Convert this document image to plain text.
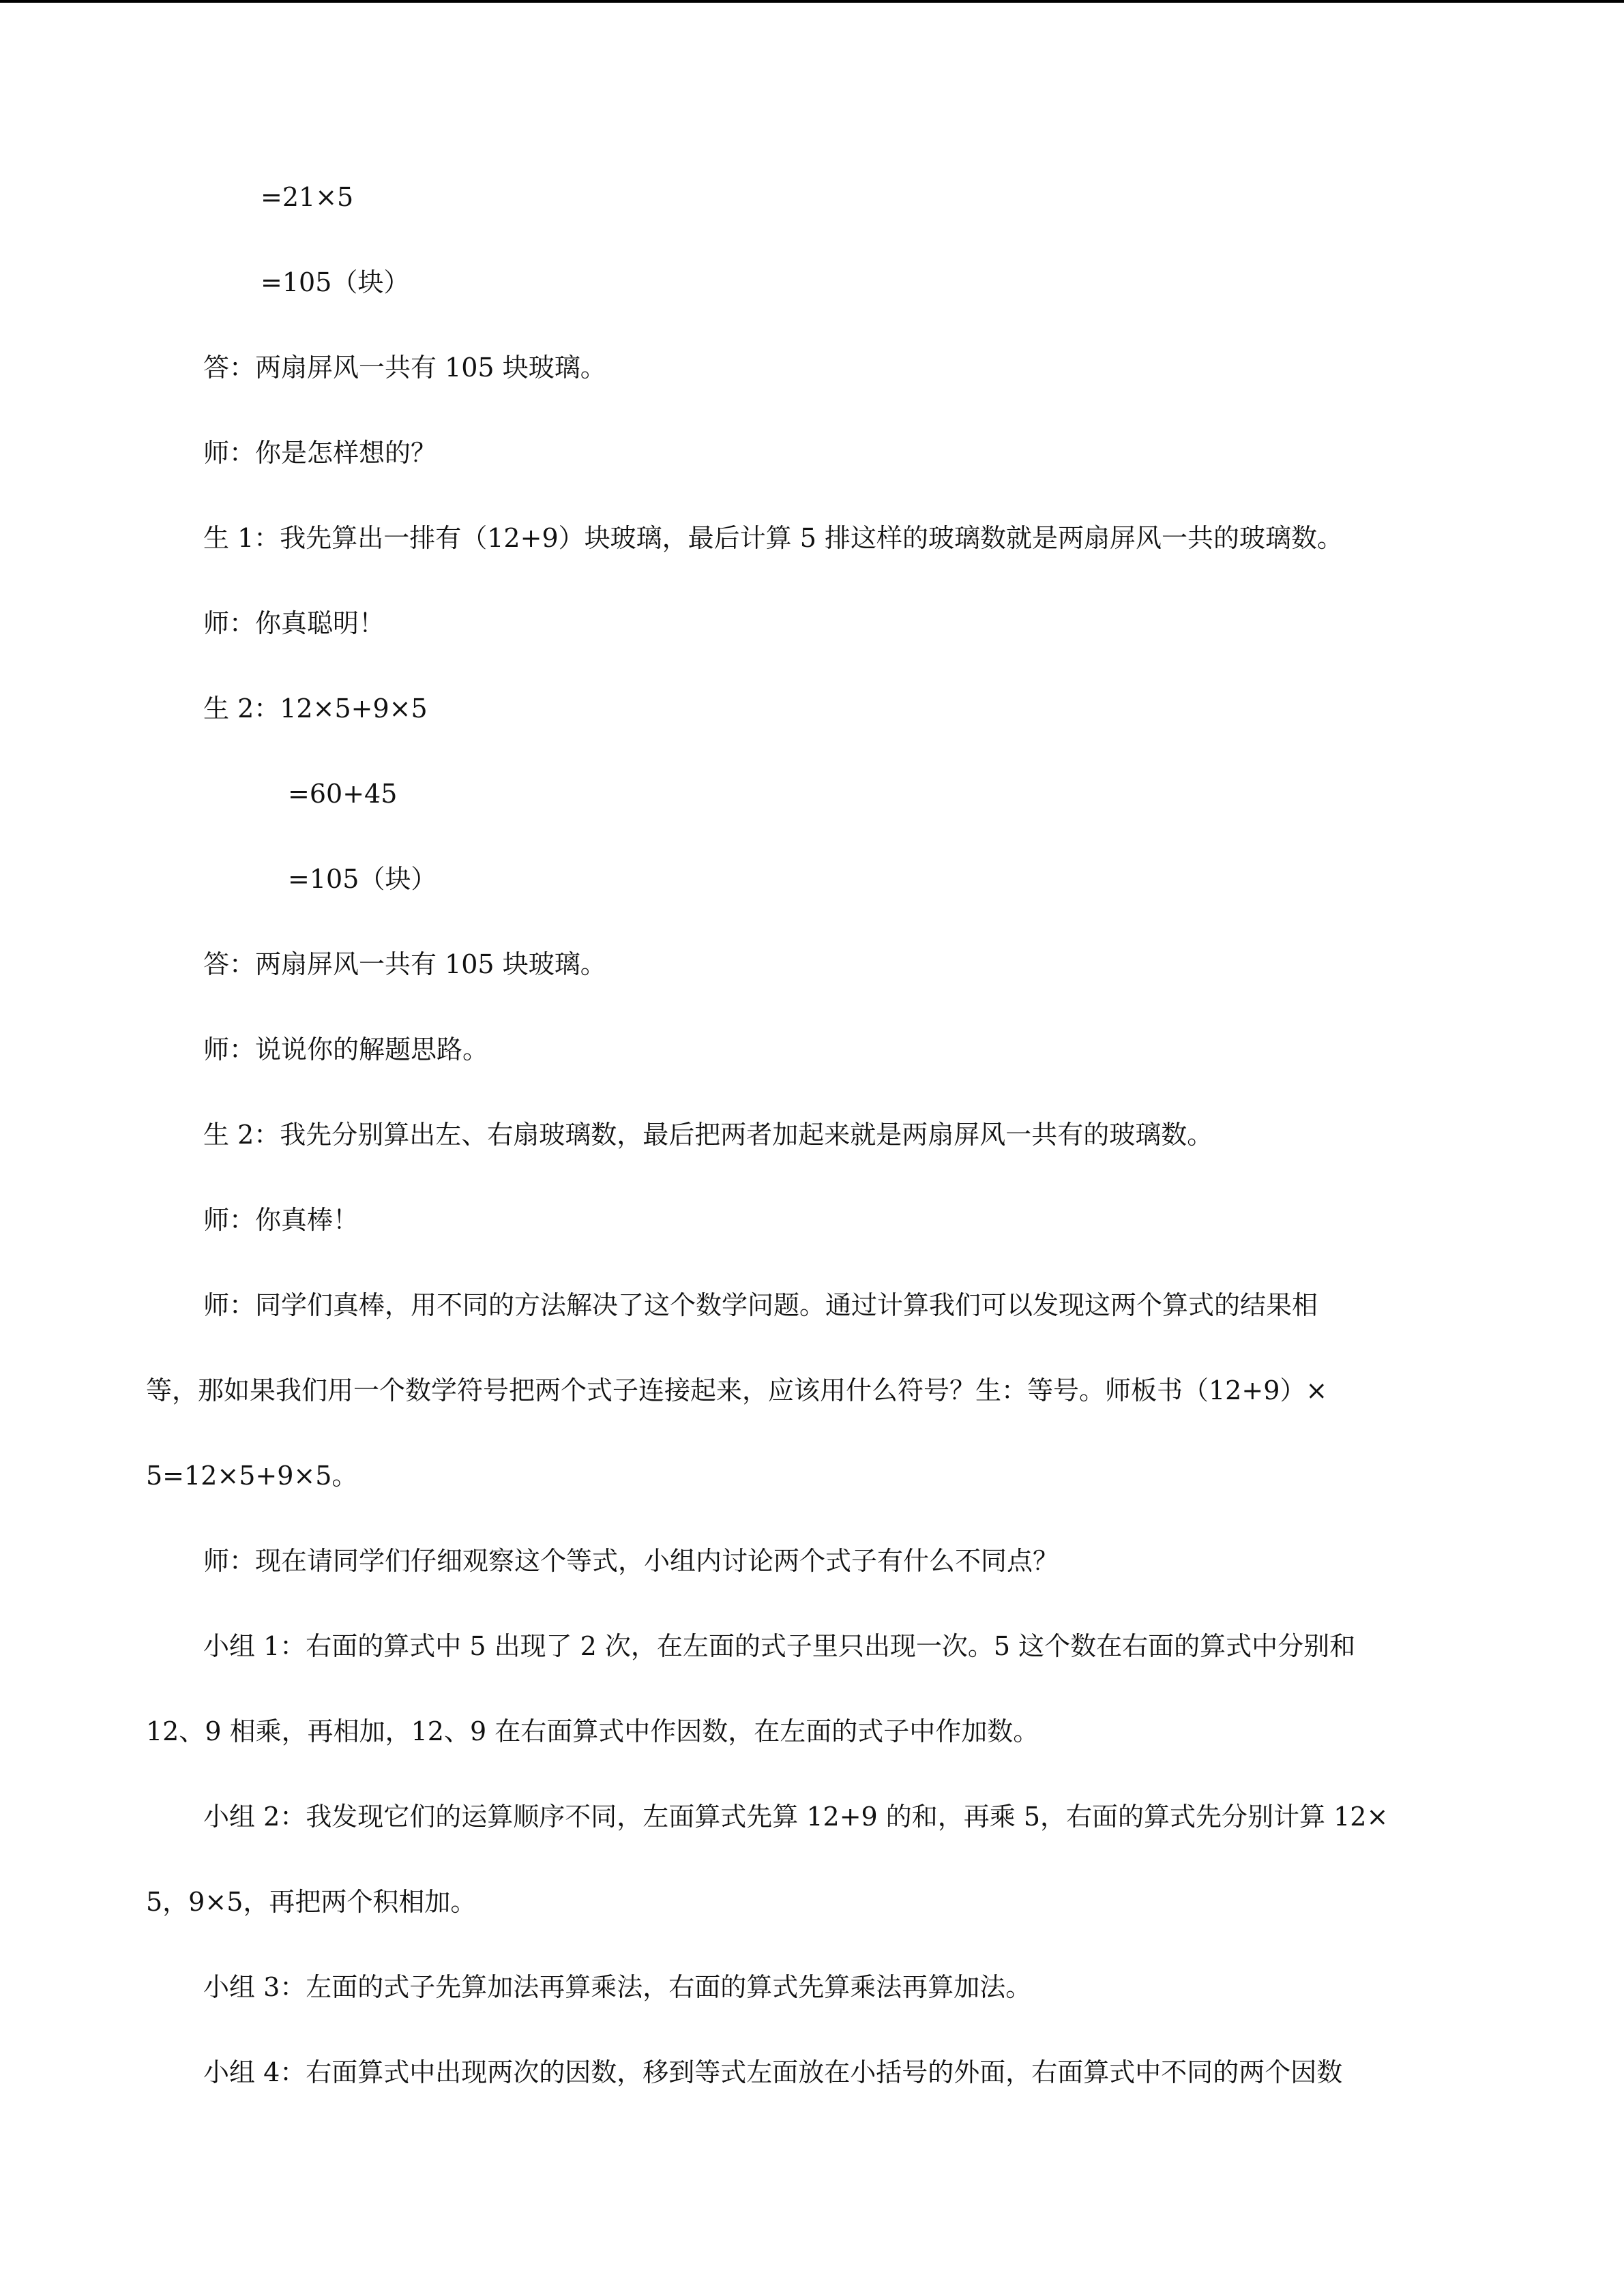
=21×5

=105（块）

答：两扇屏风一共有 105 块玻璃。

师：你是怎样想的？

生 1：我先算出一排有（12+9）块玻璃，最后计算 5 排这样的玻璃数就是两扇屏风一共的玻璃数。

师：你真聪明！

生 2：12×5+9×5

=60+45

=105（块）

答：两扇屏风一共有 105 块玻璃。

师：说说你的解题思路。

生 2：我先分别算出左、右扇玻璃数，最后把两者加起来就是两扇屏风一共有的玻璃数。

师：你真棒！

师：同学们真棒，用不同的方法解决了这个数学问题。通过计算我们可以发现这两个算式的结果相

等，那如果我们用一个数学符号把两个式子连接起来，应该用什么符号？生：等号。师板书（12+9）×

5=12×5+9×5。

师：现在请同学们仔细观察这个等式，小组内讨论两个式子有什么不同点？

小组 1：右面的算式中 5 出现了 2 次，在左面的式子里只出现一次。5 这个数在右面的算式中分别和

12、9 相乘，再相加，12、9 在右面算式中作因数，在左面的式子中作加数。

小组 2：我发现它们的运算顺序不同，左面算式先算 12+9 的和，再乘 5，右面的算式先分别计算 12×

5，9×5，再把两个积相加。

小组 3：左面的式子先算加法再算乘法，右面的算式先算乘法再算加法。

小组 4：右面算式中出现两次的因数，移到等式左面放在小括号的外面，右面算式中不同的两个因数
